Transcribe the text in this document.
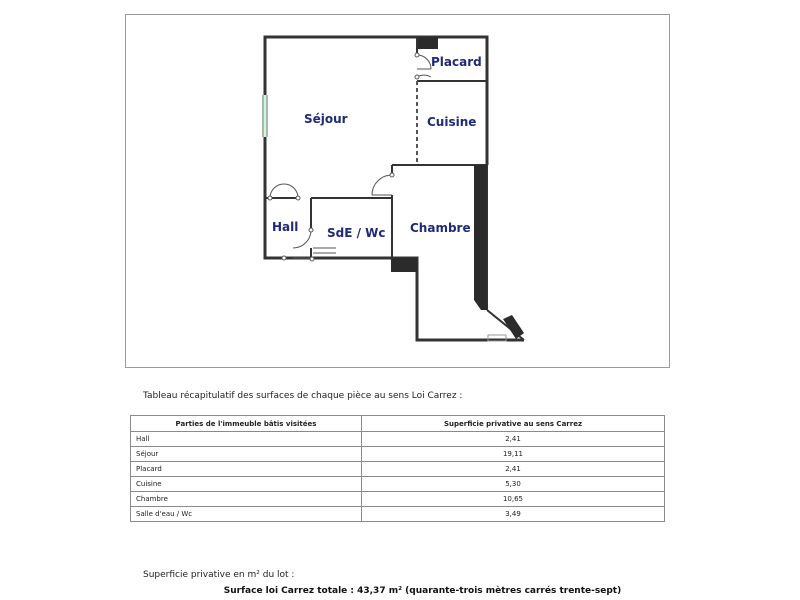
Séjour
Placard
Cuisine
Hall SdE / Wc Chambre
Tableau récapitulatif des surfaces de chaque pièce au sens Loi Carrez :
Parties de l'immeuble bâtis visitées	Superficie privative au sens Carrez
Hall	2,41
Séjour	19,11
Placard	2,41
Cuisine	5,30
Chambre	10,65
Salle d'eau / Wc	3,49
Superficie privative en m² du lot :
Surface loi Carrez totale : 43,37 m² (quarante-trois mètres carrés trente-sept)
